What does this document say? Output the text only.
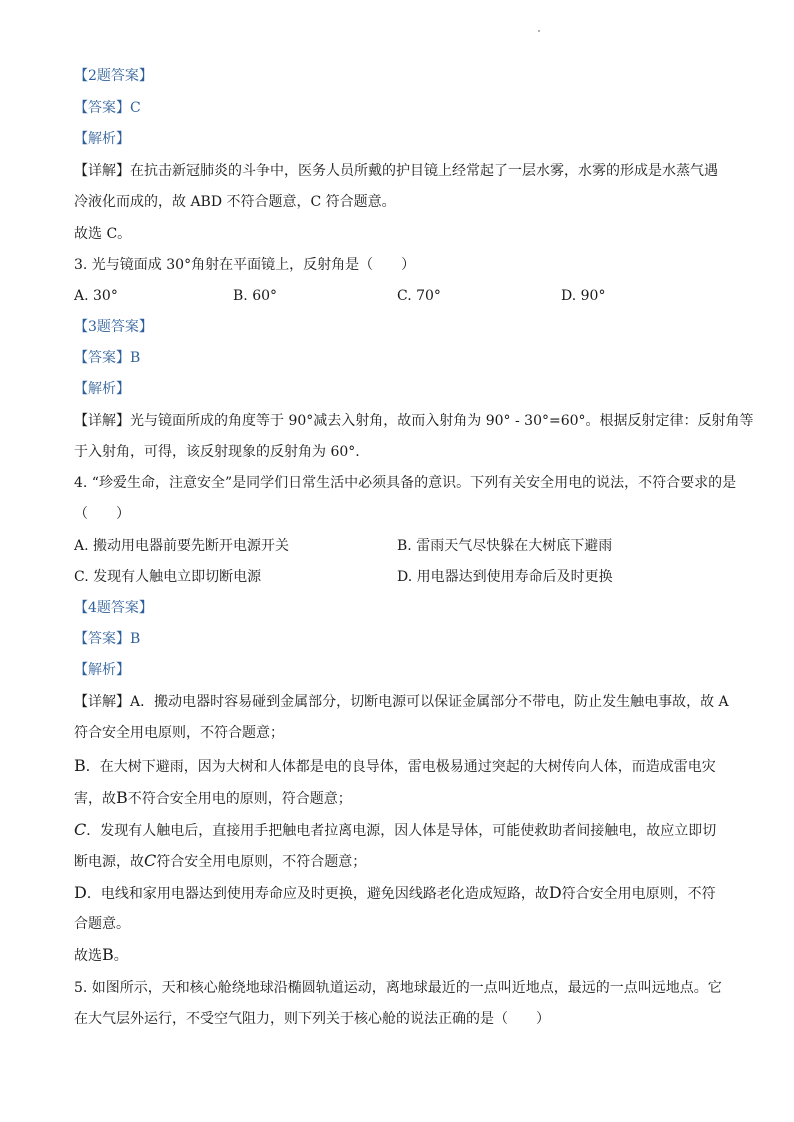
【2题答案】
【答案】C
【解析】
【详解】在抗击新冠肺炎的斗争中，医务人员所戴的护目镜上经常起了一层水雾，水雾的形成是水蒸气遇
冷液化而成的，故 ABD 不符合题意，C 符合题意。
故选 C。
3. 光与镜面成 30°角射在平面镜上，反射角是（　　）
A. 30°	B. 60°	C. 70°	D. 90°
【3题答案】
【答案】B
【解析】
【详解】光与镜面所成的角度等于 90°减去入射角，故而入射角为 90° - 30°=60°。根据反射定律：反射角等
于入射角，可得，该反射现象的反射角为 60°.
4. “珍爱生命，注意安全”是同学们日常生活中必须具备的意识。下列有关安全用电的说法，不符合要求的是
（　　）
A. 搬动用电器前要先断开电源开关	B. 雷雨天气尽快躲在大树底下避雨
C. 发现有人触电立即切断电源	D. 用电器达到使用寿命后及时更换
【4题答案】
【答案】B
【解析】
【详解】A．搬动电器时容易碰到金属部分，切断电源可以保证金属部分不带电，防止发生触电事故，故 A
符合安全用电原则，不符合题意；
B．在大树下避雨，因为大树和人体都是电的良导体，雷电极易通过突起的大树传向人体，而造成雷电灾
害，故B不符合安全用电的原则，符合题意；
C．发现有人触电后，直接用手把触电者拉离电源，因人体是导体，可能使救助者间接触电，故应立即切
断电源，故C符合安全用电原则，不符合题意；
D．电线和家用电器达到使用寿命应及时更换，避免因线路老化造成短路，故D符合安全用电原则，不符
合题意。
故选B。
5. 如图所示，天和核心舱绕地球沿椭圆轨道运动，离地球最近的一点叫近地点，最远的一点叫远地点。它
在大气层外运行，不受空气阻力，则下列关于核心舱的说法正确的是（　　）
